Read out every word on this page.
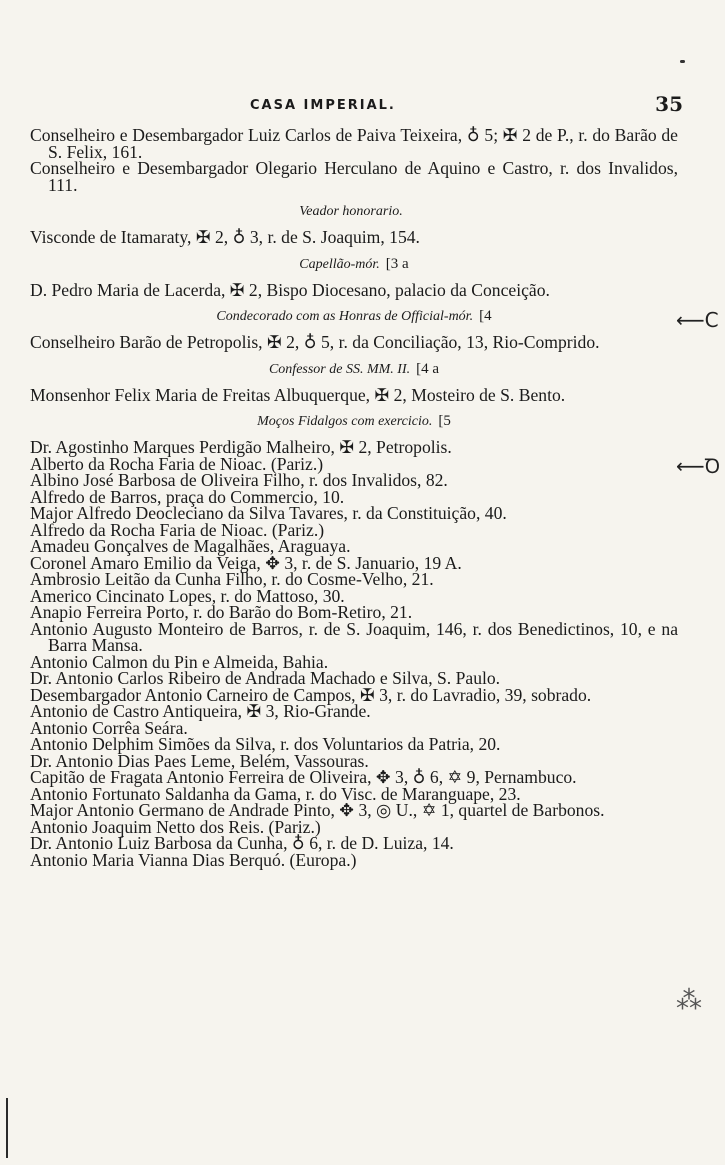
CASA IMPERIAL.	35

Conselheiro e Desembargador Luiz Carlos de Paiva Teixeira, ♁ 5; ✠ 2 de P., r. do Barão de S. Felix, 161.

Conselheiro e Desembargador Olegario Herculano de Aquino e Castro, r. dos Invalidos, 111.

Veador honorario.

Visconde de Itamaraty, ✠ 2, ♁ 3, r. de S. Joaquim, 154.

Capellão-mór. [3 a

D. Pedro Maria de Lacerda, ✠ 2, Bispo Diocesano, palacio da Conceição.

Condecorado com as Honras de Official-mór. [4

Conselheiro Barão de Petropolis, ✠ 2, ♁ 5, r. da Conciliação, 13, Rio-Comprido.

Confessor de SS. MM. II. [4 a

Monsenhor Felix Maria de Freitas Albuquerque, ✠ 2, Mosteiro de S. Bento.

Moços Fidalgos com exercicio. [5

Dr. Agostinho Marques Perdigão Malheiro, ✠ 2, Petropolis.

Alberto da Rocha Faria de Nioac. (Pariz.)

Albino José Barbosa de Oliveira Filho, r. dos Invalidos, 82.

Alfredo de Barros, praça do Commercio, 10.

Major Alfredo Deocleciano da Silva Tavares, r. da Constituição, 40.

Alfredo da Rocha Faria de Nioac. (Pariz.)

Amadeu Gonçalves de Magalhães, Araguaya.

Coronel Amaro Emilio da Veiga, ✥ 3, r. de S. Januario, 19 A.

Ambrosio Leitão da Cunha Filho, r. do Cosme-Velho, 21.

Americo Cincinato Lopes, r. do Mattoso, 30.

Anapio Ferreira Porto, r. do Barão do Bom-Retiro, 21.

Antonio Augusto Monteiro de Barros, r. de S. Joaquim, 146, r. dos Benedictinos, 10, e na Barra Mansa.

Antonio Calmon du Pin e Almeida, Bahia.

Dr. Antonio Carlos Ribeiro de Andrada Machado e Silva, S. Paulo.

Desembargador Antonio Carneiro de Campos, ✠ 3, r. do Lavradio, 39, sobrado.

Antonio de Castro Antiqueira, ✠ 3, Rio-Grande.

Antonio Corrêa Seára.

Antonio Delphim Simões da Silva, r. dos Voluntarios da Patria, 20.

Dr. Antonio Dias Paes Leme, Belém, Vassouras.

Capitão de Fragata Antonio Ferreira de Oliveira, ✥ 3, ♁ 6, ✡ 9, Pernambuco.

Antonio Fortunato Saldanha da Gama, r. do Visc. de Maranguape, 23.

Major Antonio Germano de Andrade Pinto, ✥ 3, ◎ U., ✡ 1, quartel de Barbonos.

Antonio Joaquim Netto dos Reis. (Pariz.)

Dr. Antonio Luiz Barbosa da Cunha, ♁ 6, r. de D. Luiza, 14.

Antonio Maria Vianna Dias Berquó. (Europa.)

⟵C
⟵Ꝺ
⁂
